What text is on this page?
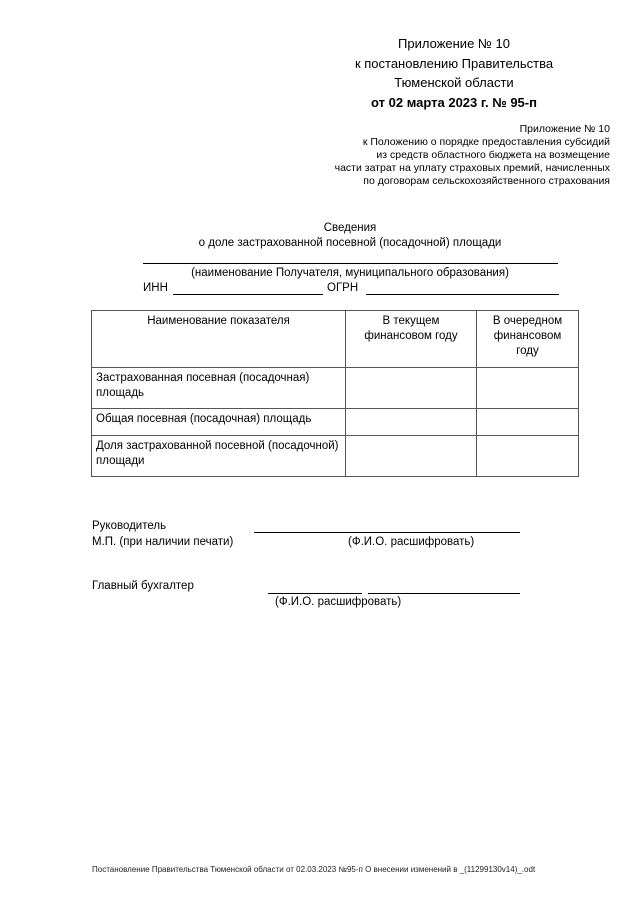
Приложение № 10
к постановлению Правительства
Тюменской области
от 02 марта 2023 г. № 95-п
Приложение № 10
к Положению о порядке предоставления субсидий
из средств областного бюджета на возмещение
части затрат на уплату страховых премий, начисленных
по договорам сельскохозяйственного страхования
Сведения
о доле застрахованной посевной (посадочной) площади
(наименование Получателя, муниципального образования)
ИНН	ОГРН
Наименование показателя	В текущем финансовом году	В очередном финансовом году
Застрахованная посевная (посадочная) площадь		
Общая посевная (посадочная) площадь		
Доля застрахованной посевной (посадочной) площади		
Руководитель
М.П. (при наличии печати)	(Ф.И.О. расшифровать)
Главный бухгалтер
(Ф.И.О. расшифровать)
Постановление Правительства Тюменской области от 02.03.2023 №95-п О внесении изменений в _(11299130v14)_.odt
